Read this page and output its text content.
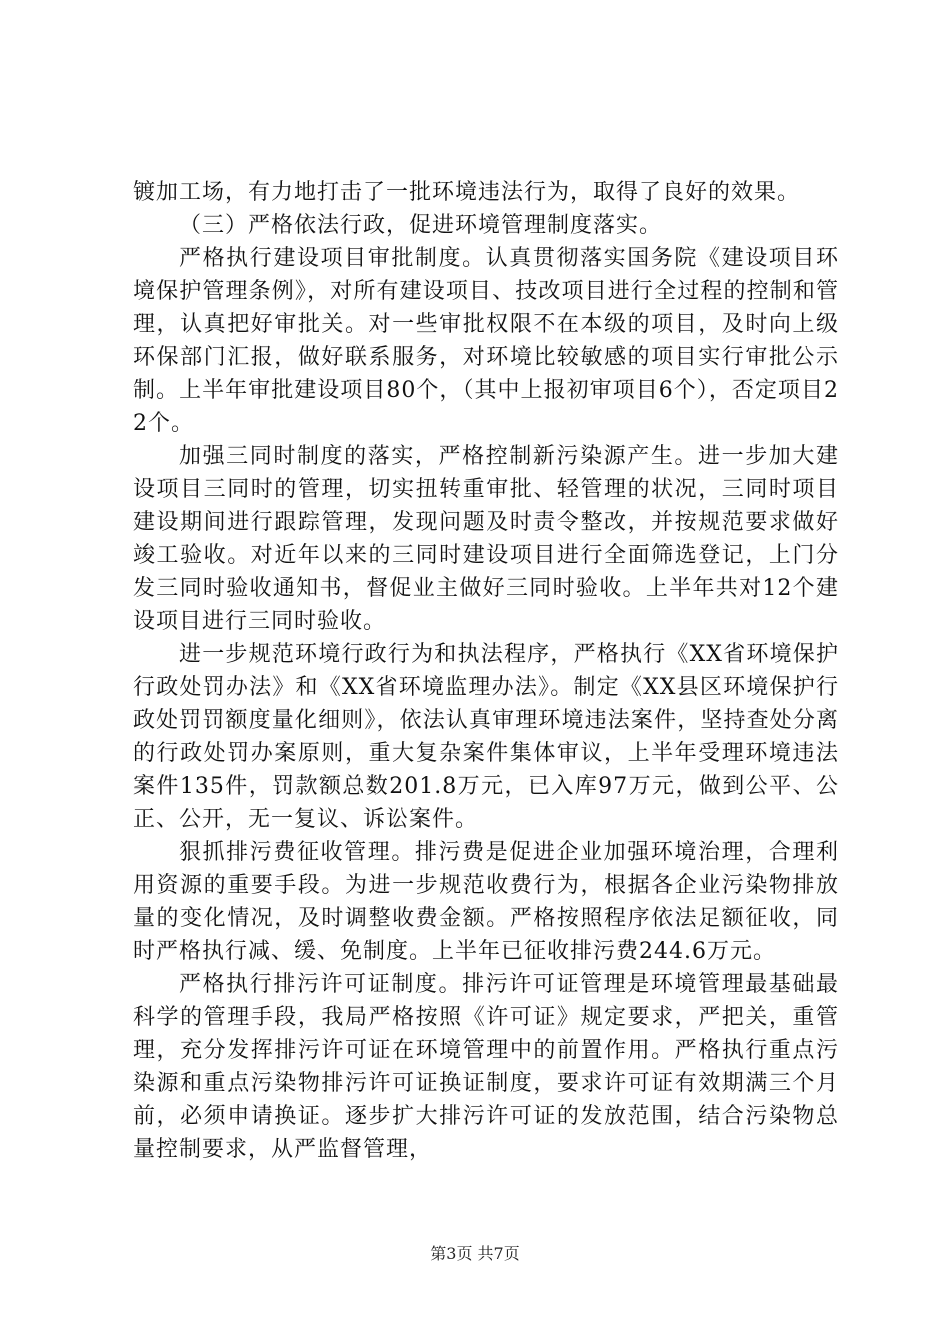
镀加工场，有力地打击了一批环境违法行为，取得了良好的效果。

（三）严格依法行政，促进环境管理制度落实。

严格执行建设项目审批制度。认真贯彻落实国务院《建设项目环境保护管理条例》，对所有建设项目、技改项目进行全过程的控制和管理，认真把好审批关。对一些审批权限不在本级的项目，及时向上级环保部门汇报，做好联系服务，对环境比较敏感的项目实行审批公示制。上半年审批建设项目80个，（其中上报初审项目6个），否定项目22个。

加强三同时制度的落实，严格控制新污染源产生。进一步加大建设项目三同时的管理，切实扭转重审批、轻管理的状况，三同时项目建设期间进行跟踪管理，发现问题及时责令整改，并按规范要求做好竣工验收。对近年以来的三同时建设项目进行全面筛选登记，上门分发三同时验收通知书，督促业主做好三同时验收。上半年共对12个建设项目进行三同时验收。

进一步规范环境行政行为和执法程序，严格执行《XX省环境保护行政处罚办法》和《XX省环境监理办法》。制定《XX县区环境保护行政处罚罚额度量化细则》，依法认真审理环境违法案件，坚持查处分离的行政处罚办案原则，重大复杂案件集体审议，上半年受理环境违法案件135件，罚款额总数201.8万元，已入库97万元，做到公平、公正、公开，无一复议、诉讼案件。

狠抓排污费征收管理。排污费是促进企业加强环境治理，合理利用资源的重要手段。为进一步规范收费行为，根据各企业污染物排放量的变化情况，及时调整收费金额。严格按照程序依法足额征收，同时严格执行减、缓、免制度。上半年已征收排污费244.6万元。

严格执行排污许可证制度。排污许可证管理是环境管理最基础最科学的管理手段，我局严格按照《许可证》规定要求，严把关，重管理，充分发挥排污许可证在环境管理中的前置作用。严格执行重点污染源和重点污染物排污许可证换证制度，要求许可证有效期满三个月前，必须申请换证。逐步扩大排污许可证的发放范围，结合污染物总量控制要求，从严监督管理，

第3页 共7页
